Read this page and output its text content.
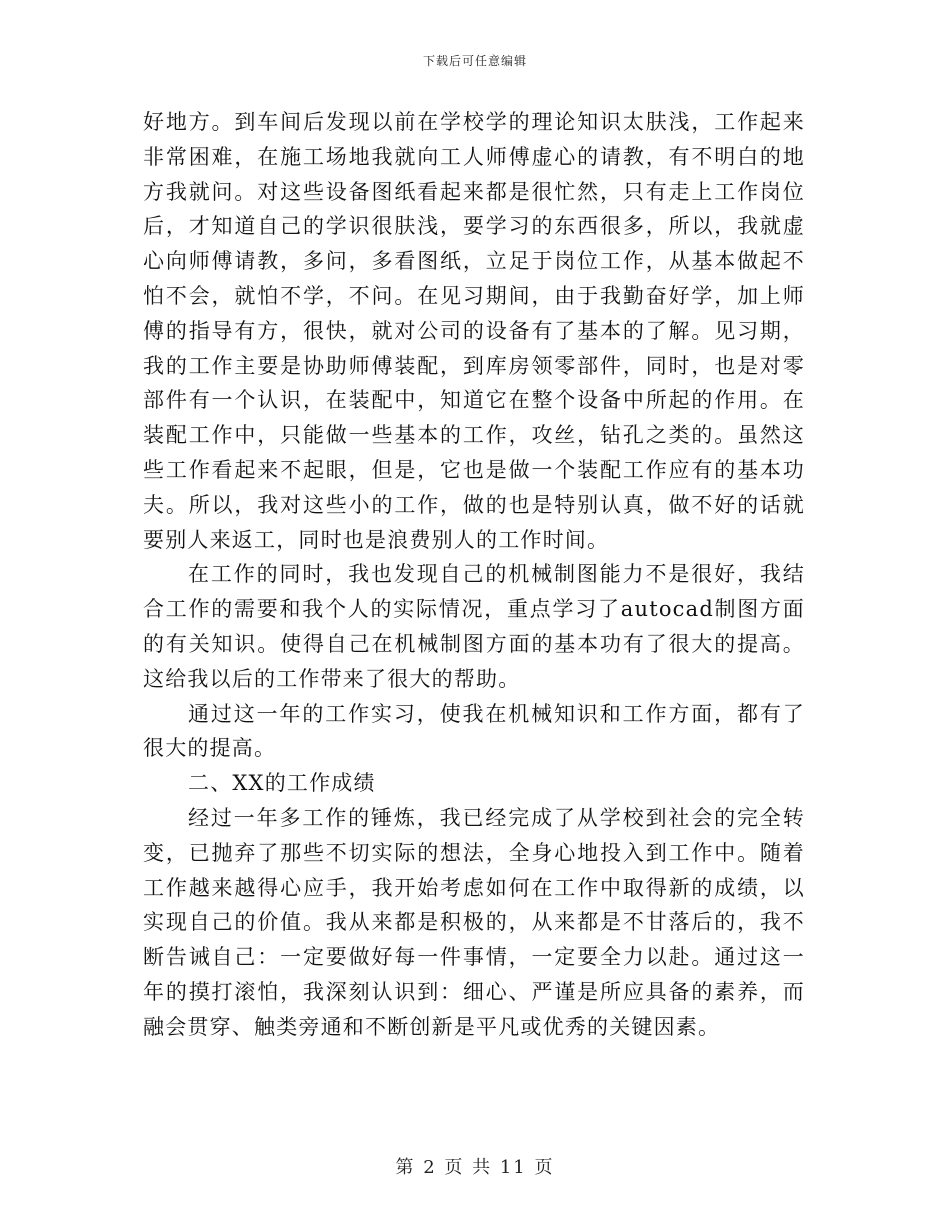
下载后可任意编辑

好地方。到车间后发现以前在学校学的理论知识太肤浅，工作起来非常困难，在施工场地我就向工人师傅虚心的请教，有不明白的地方我就问。对这些设备图纸看起来都是很忙然，只有走上工作岗位后，才知道自己的学识很肤浅，要学习的东西很多，所以，我就虚心向师傅请教，多问，多看图纸，立足于岗位工作，从基本做起不怕不会，就怕不学，不问。在见习期间，由于我勤奋好学，加上师傅的指导有方，很快，就对公司的设备有了基本的了解。见习期，我的工作主要是协助师傅装配，到库房领零部件，同时，也是对零部件有一个认识，在装配中，知道它在整个设备中所起的作用。在装配工作中，只能做一些基本的工作，攻丝，钻孔之类的。虽然这些工作看起来不起眼，但是，它也是做一个装配工作应有的基本功夫。所以，我对这些小的工作，做的也是特别认真，做不好的话就要别人来返工，同时也是浪费别人的工作时间。

在工作的同时，我也发现自己的机械制图能力不是很好，我结合工作的需要和我个人的实际情况，重点学习了autocad制图方面的有关知识。使得自己在机械制图方面的基本功有了很大的提高。这给我以后的工作带来了很大的帮助。

通过这一年的工作实习，使我在机械知识和工作方面，都有了很大的提高。

二、XX的工作成绩

经过一年多工作的锤炼，我已经完成了从学校到社会的完全转变，已抛弃了那些不切实际的想法，全身心地投入到工作中。随着工作越来越得心应手，我开始考虑如何在工作中取得新的成绩，以实现自己的价值。我从来都是积极的，从来都是不甘落后的，我不断告诫自己：一定要做好每一件事情，一定要全力以赴。通过这一年的摸打滚怕，我深刻认识到：细心、严谨是所应具备的素养，而融会贯穿、触类旁通和不断创新是平凡或优秀的关键因素。

第 2 页 共 11 页
